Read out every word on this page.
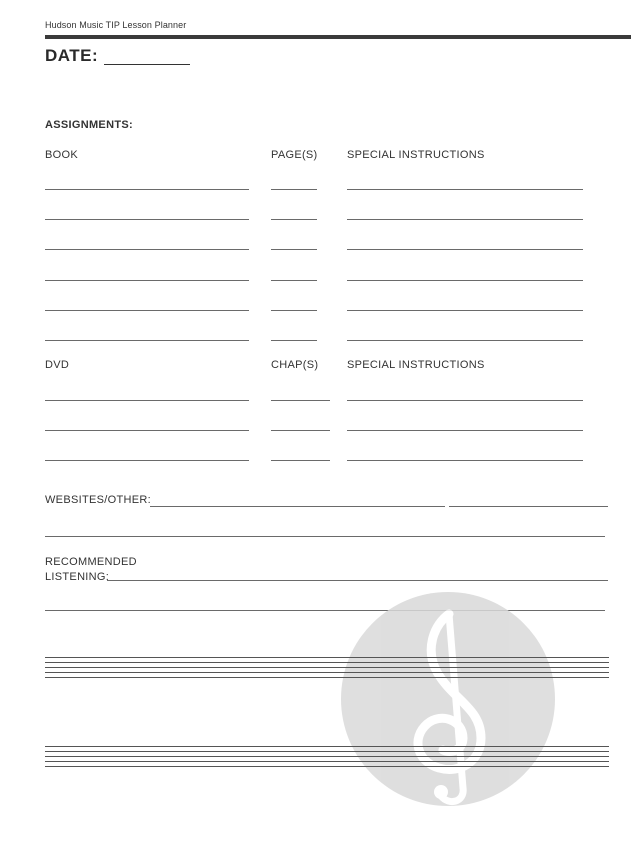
Hudson Music TIP Lesson Planner
DATE:
ASSIGNMENTS:
BOOK	PAGE(S)	SPECIAL INSTRUCTIONS
DVD	CHAP(S)	SPECIAL INSTRUCTIONS
WEBSITES/OTHER:
RECOMMENDED
LISTENING:
